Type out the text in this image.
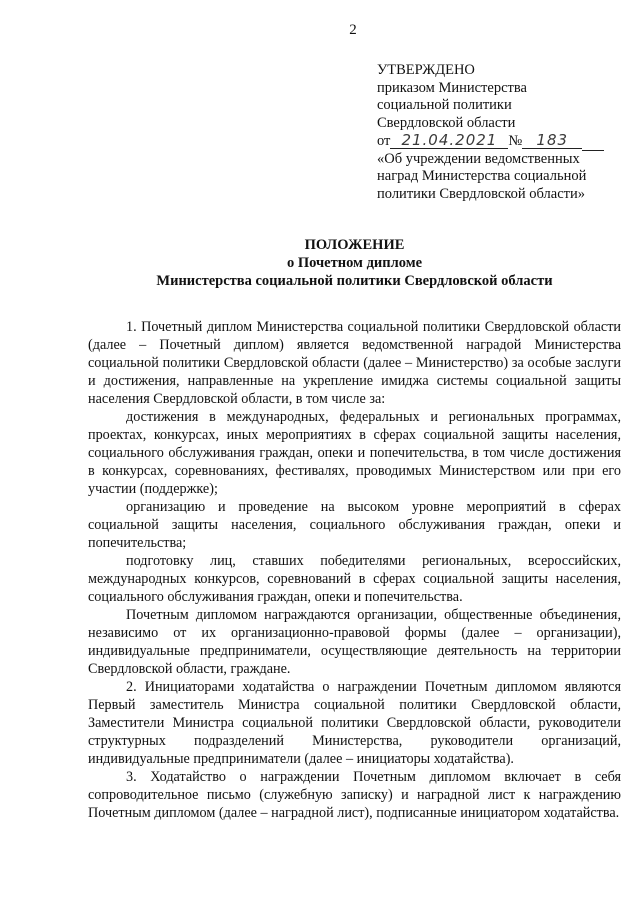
2
УТВЕРЖДЕНО
приказом Министерства
социальной политики
Свердловской области
от 21.04.2021 № 183
«Об учреждении ведомственных
наград Министерства социальной
политики Свердловской области»
ПОЛОЖЕНИЕ
о Почетном дипломе
Министерства социальной политики Свердловской области

1. Почетный диплом Министерства социальной политики Свердловской области (далее – Почетный диплом) является ведомственной наградой Министерства социальной политики Свердловской области (далее – Министерство) за особые заслуги и достижения, направленные на укрепление имиджа системы социальной защиты населения Свердловской области, в том числе за:

достижения в международных, федеральных и региональных программах, проектах, конкурсах, иных мероприятиях в сферах социальной защиты населения, социального обслуживания граждан, опеки и попечительства, в том числе достижения в конкурсах, соревнованиях, фестивалях, проводимых Министерством или при его участии (поддержке);

организацию и проведение на высоком уровне мероприятий в сферах социальной защиты населения, социального обслуживания граждан, опеки и попечительства;

подготовку лиц, ставших победителями региональных, всероссийских, международных конкурсов, соревнований в сферах социальной защиты населения, социального обслуживания граждан, опеки и попечительства.

Почетным дипломом награждаются организации, общественные объединения, независимо от их организационно-правовой формы (далее – организации), индивидуальные предприниматели, осуществляющие деятельность на территории Свердловской области, граждане.

2. Инициаторами ходатайства о награждении Почетным дипломом являются Первый заместитель Министра социальной политики Свердловской области, Заместители Министра социальной политики Свердловской области, руководители структурных подразделений Министерства, руководители организаций, индивидуальные предприниматели (далее – инициаторы ходатайства).

3. Ходатайство о награждении Почетным дипломом включает в себя сопроводительное письмо (служебную записку) и наградной лист к награждению Почетным дипломом (далее – наградной лист), подписанные инициатором ходатайства.
